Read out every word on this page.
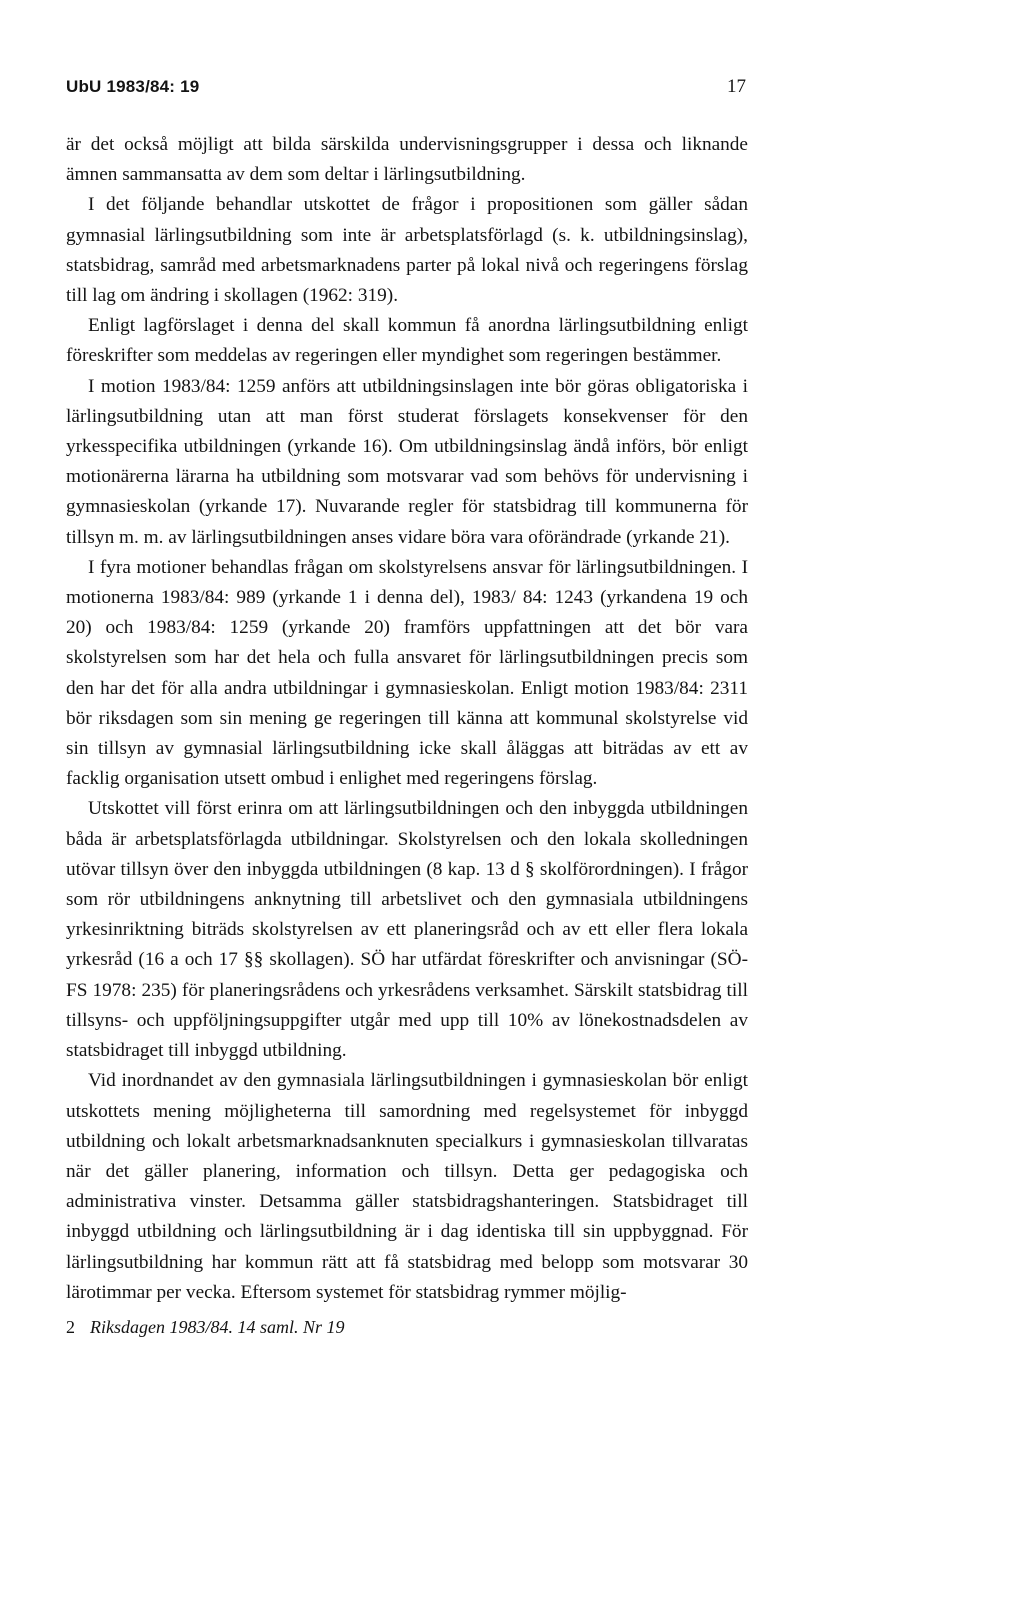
UbU 1983/84: 19	17

är det också möjligt att bilda särskilda undervisningsgrupper i dessa och liknande ämnen sammansatta av dem som deltar i lärlingsutbildning.

I det följande behandlar utskottet de frågor i propositionen som gäller sådan gymnasial lärlingsutbildning som inte är arbetsplatsförlagd (s. k. utbildningsinslag), statsbidrag, samråd med arbetsmarknadens parter på lokal nivå och regeringens förslag till lag om ändring i skollagen (1962: 319).

Enligt lagförslaget i denna del skall kommun få anordna lärlingsutbildning enligt föreskrifter som meddelas av regeringen eller myndighet som regeringen bestämmer.

I motion 1983/84: 1259 anförs att utbildningsinslagen inte bör göras obligatoriska i lärlingsutbildning utan att man först studerat förslagets konsekvenser för den yrkesspecifika utbildningen (yrkande 16). Om utbildningsinslag ändå införs, bör enligt motionärerna lärarna ha utbildning som motsvarar vad som behövs för undervisning i gymnasieskolan (yrkande 17). Nuvarande regler för statsbidrag till kommunerna för tillsyn m. m. av lärlingsutbildningen anses vidare böra vara oförändrade (yrkande 21).

I fyra motioner behandlas frågan om skolstyrelsens ansvar för lärlingsutbildningen. I motionerna 1983/84: 989 (yrkande 1 i denna del), 1983/ 84: 1243 (yrkandena 19 och 20) och 1983/84: 1259 (yrkande 20) framförs uppfattningen att det bör vara skolstyrelsen som har det hela och fulla ansvaret för lärlingsutbildningen precis som den har det för alla andra utbildningar i gymnasieskolan. Enligt motion 1983/84: 2311 bör riksdagen som sin mening ge regeringen till känna att kommunal skolstyrelse vid sin tillsyn av gymnasial lärlingsutbildning icke skall åläggas att biträdas av ett av facklig organisation utsett ombud i enlighet med regeringens förslag.

Utskottet vill först erinra om att lärlingsutbildningen och den inbyggda utbildningen båda är arbetsplatsförlagda utbildningar. Skolstyrelsen och den lokala skolledningen utövar tillsyn över den inbyggda utbildningen (8 kap. 13 d § skolförordningen). I frågor som rör utbildningens anknytning till arbetslivet och den gymnasiala utbildningens yrkesinriktning biträds skolstyrelsen av ett planeringsråd och av ett eller flera lokala yrkesråd (16 a och 17 §§ skollagen). SÖ har utfärdat föreskrifter och anvisningar (SÖ-FS 1978: 235) för planeringsrådens och yrkesrådens verksamhet. Särskilt statsbidrag till tillsyns- och uppföljningsuppgifter utgår med upp till 10% av lönekostnadsdelen av statsbidraget till inbyggd utbildning.

Vid inordnandet av den gymnasiala lärlingsutbildningen i gymnasieskolan bör enligt utskottets mening möjligheterna till samordning med regelsystemet för inbyggd utbildning och lokalt arbetsmarknadsanknuten specialkurs i gymnasieskolan tillvaratas när det gäller planering, information och tillsyn. Detta ger pedagogiska och administrativa vinster. Detsamma gäller statsbidragshanteringen. Statsbidraget till inbyggd utbildning och lärlingsutbildning är i dag identiska till sin uppbyggnad. För lärlingsutbildning har kommun rätt att få statsbidrag med belopp som motsvarar 30 lärotimmar per vecka. Eftersom systemet för statsbidrag rymmer möjlig-

2 Riksdagen 1983/84. 14 saml. Nr 19
